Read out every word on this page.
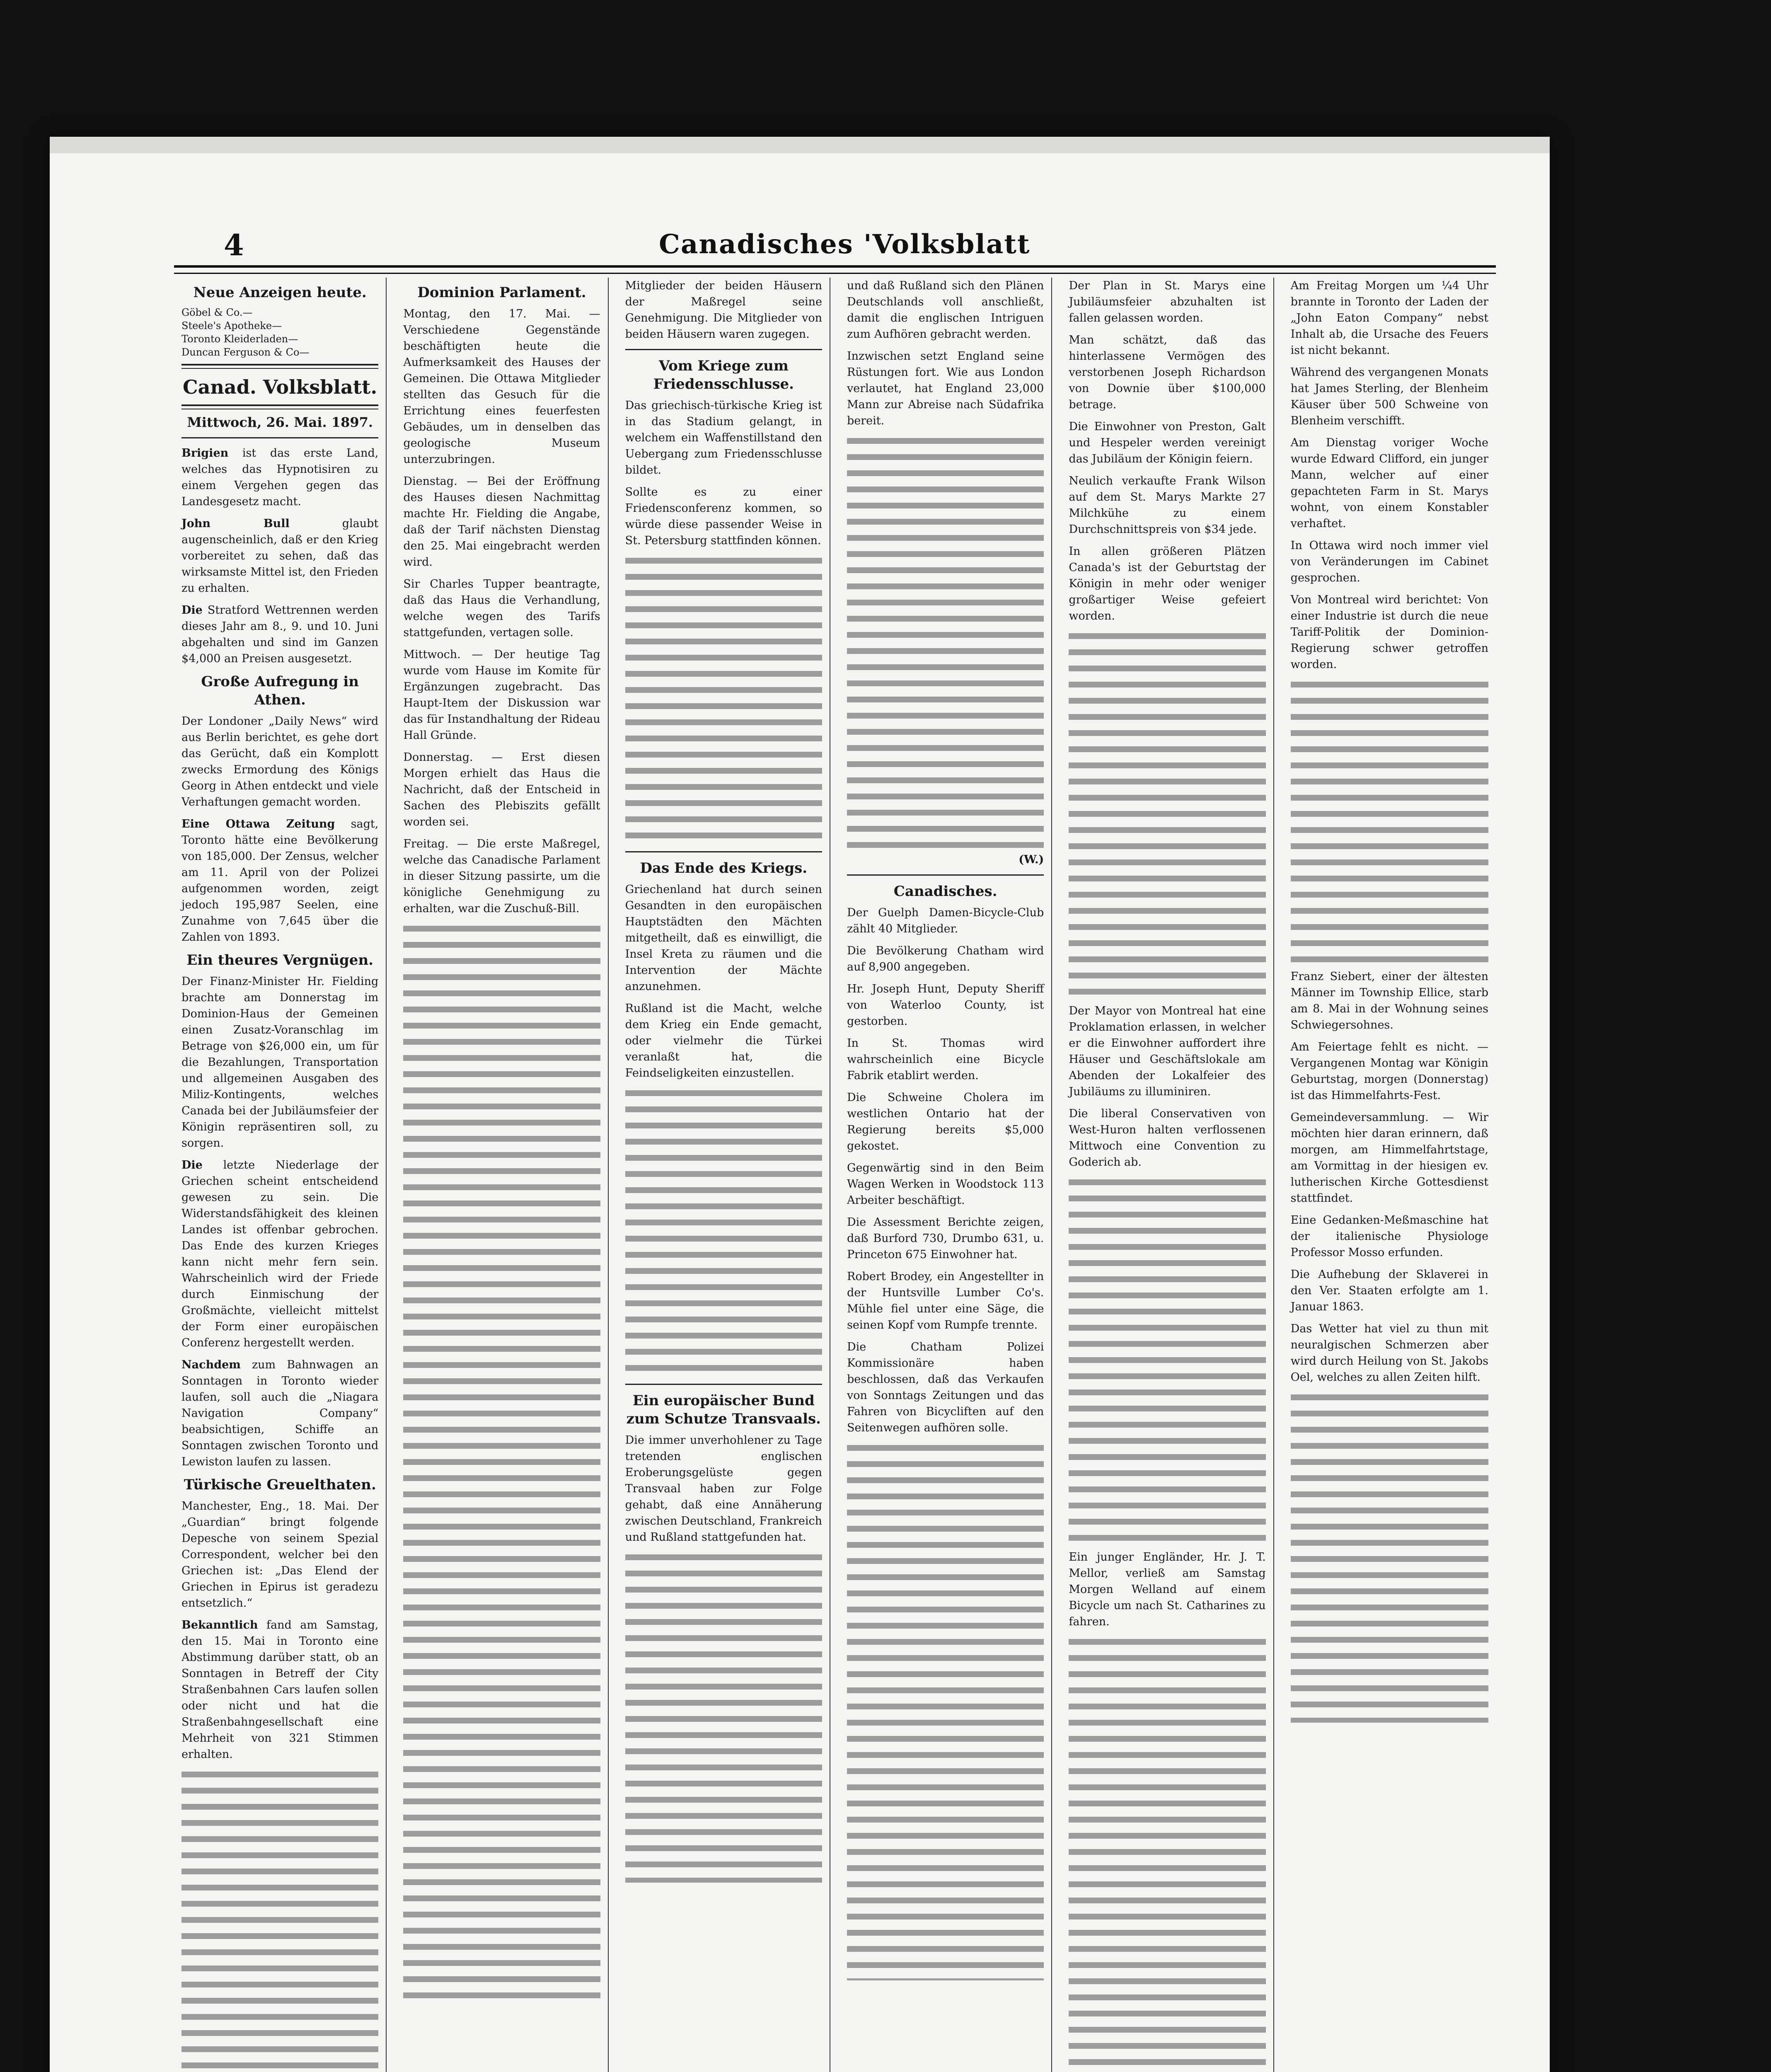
4	Canadisches 'Volksblatt
Neue Anzeigen heute.
Göbel & Co.—
Steele's Apotheke—
Toronto Kleiderladen—
Duncan Ferguson & Co—
Canad. Volksblatt.
Mittwoch, 26. Mai. 1897.

Brigien ist das erste Land, welches das Hypnotisiren zu einem Vergehen gegen das Landesgesetz macht.

John Bull	glaubt augenscheinlich, daß er den Krieg vorbereitet zu sehen, daß das wirksamste Mittel ist, den Frieden zu erhalten.

Die Stratford Wettrennen werden dieses Jahr am 8., 9. und 10. Juni abgehalten und sind im Ganzen $4,000 an Preisen ausgesetzt.

Große Aufregung in Athen.

Der Londoner „Daily News“ wird aus Berlin berichtet, es gehe dort das Gerücht, daß ein Komplott zwecks Ermordung des Königs Georg in Athen entdeckt und viele Verhaftungen gemacht worden.

Eine Ottawa Zeitung sagt, Toronto hätte eine Bevölkerung von 185,000. Der Zensus, welcher am 11. April von der Polizei aufgenommen worden, zeigt jedoch 195,987 Seelen, eine Zunahme von 7,645 über die Zahlen von 1893.

Ein theures Vergnügen.

Der Finanz-Minister Hr. Fielding brachte am Donnerstag im Dominion-Haus der Gemeinen einen Zusatz-Voranschlag im Betrage von $26,000 ein, um für die Bezahlungen, Transportation und allgemeinen Ausgaben des Miliz-Kontingents, welches Canada bei der Jubiläumsfeier der Königin repräsentiren soll, zu sorgen.

Die letzte Niederlage der Griechen scheint entscheidend gewesen zu sein. Die Widerstandsfähigkeit des kleinen Landes ist offenbar gebrochen. Das Ende des kurzen Krieges kann nicht mehr fern sein. Wahrscheinlich wird der Friede durch Einmischung der Großmächte, vielleicht mittelst der Form einer europäischen Conferenz hergestellt werden.

Nachdem zum Bahnwagen an Sonntagen in Toronto wieder laufen, soll auch die „Niagara Navigation Company“ beabsichtigen, Schiffe an Sonntagen zwischen Toronto und Lewiston laufen zu lassen.

Türkische Greuelthaten.

Manchester, Eng., 18. Mai. Der „Guardian“ bringt folgende Depesche von seinem Spezial Correspondent, welcher bei den Griechen ist: „Das Elend der Griechen in Epirus ist geradezu entsetzlich.“

Bekanntlich fand am Samstag, den 15. Mai in Toronto eine Abstimmung darüber statt, ob an Sonntagen in Betreff der City Straßenbahnen Cars laufen sollen oder nicht und hat die Straßenbahngesellschaft eine Mehrheit von 321 Stimmen erhalten.

Dominion Parlament.

Montag, den 17. Mai. — Verschiedene Gegenstände beschäftigten heute die Aufmerksamkeit des Hauses der Gemeinen. Die Ottawa Mitglieder stellten das Gesuch für die Errichtung eines feuerfesten Gebäudes, um in denselben das geologische Museum unterzubringen.

Dienstag. — Bei der Eröffnung des Hauses diesen Nachmittag machte Hr. Fielding die Angabe, daß der Tarif nächsten Dienstag den 25. Mai eingebracht werden wird.

Sir Charles Tupper beantragte, daß das Haus die Verhandlung, welche wegen des Tarifs stattgefunden, vertagen solle.

Mittwoch. — Der heutige Tag wurde vom Hause im Komite für Ergänzungen zugebracht. Das Haupt-Item der Diskussion war das für Instandhaltung der Rideau Hall Gründe.

Donnerstag. — Erst diesen Morgen erhielt das Haus die Nachricht, daß der Entscheid in Sachen des Plebiszits gefällt worden sei.

Freitag. — Die erste Maßregel, welche das Canadische Parlament in dieser Sitzung passirte, um die königliche Genehmigung zu erhalten, war die Zuschuß-Bill.

Mitglieder der beiden Häusern der Maßregel seine Genehmigung. Die Mitglieder von beiden Häusern waren zugegen.

Vom Kriege zum Friedensschlusse.

Das griechisch-türkische Krieg ist in das Stadium gelangt, in welchem ein Waffenstillstand den Uebergang zum Friedensschlusse bildet.

Sollte es zu einer Friedensconferenz kommen, so würde diese passender Weise in St. Petersburg stattfinden können.

Das Ende des Kriegs.

Griechenland hat durch seinen Gesandten in den europäischen Hauptstädten den Mächten mitgetheilt, daß es einwilligt, die Insel Kreta zu räumen und die Intervention der Mächte anzunehmen.

Rußland ist die Macht, welche dem Krieg ein Ende gemacht, oder vielmehr die Türkei veranlaßt hat, die Feindseligkeiten einzustellen.

Ein europäischer Bund zum Schutze Transvaals.

Die immer unverhohlener zu Tage tretenden englischen Eroberungsgelüste gegen Transvaal haben zur Folge gehabt, daß eine Annäherung zwischen Deutschland, Frankreich und Rußland stattgefunden hat.

und daß Rußland sich den Plänen Deutschlands voll anschließt, damit die englischen Intriguen zum Aufhören gebracht werden.

Inzwischen setzt England seine Rüstungen fort. Wie aus London verlautet, hat England 23,000 Mann zur Abreise nach Südafrika bereit.

(W.)
Canadisches.

Der Guelph Damen-Bicycle-Club zählt 40 Mitglieder.

Die Bevölkerung Chatham wird auf 8,900 angegeben.

Hr. Joseph Hunt, Deputy Sheriff von Waterloo County, ist gestorben.

In St. Thomas wird wahrscheinlich eine Bicycle Fabrik etablirt werden.

Die Schweine Cholera im westlichen Ontario hat der Regierung bereits $5,000 gekostet.

Gegenwärtig sind in den Beim Wagen Werken in Woodstock 113 Arbeiter beschäftigt.

Die Assessment Berichte zeigen, daß Burford 730, Drumbo 631, u. Princeton 675 Einwohner hat.

Robert Brodey, ein Angestellter in der Huntsville Lumber Co's. Mühle fiel unter eine Säge, die seinen Kopf vom Rumpfe trennte.

Die Chatham Polizei Kommissionäre haben beschlossen, daß das Verkaufen von Sonntags Zeitungen und das Fahren von Bicycliften auf den Seitenwegen aufhören solle.

Der Plan in St. Marys eine Jubiläumsfeier abzuhalten ist fallen gelassen worden.

Man schätzt, daß das hinterlassene Vermögen des verstorbenen Joseph Richardson von Downie über $100,000 betrage.

Die Einwohner von Preston, Galt und Hespeler werden vereinigt das Jubiläum der Königin feiern.

Neulich verkaufte Frank Wilson auf dem St. Marys Markte 27 Milchkühe zu einem Durchschnittspreis von $34 jede.

In allen größeren Plätzen Canada's ist der Geburtstag der Königin in mehr oder weniger großartiger Weise gefeiert worden.

Der Mayor von Montreal hat eine Proklamation erlassen, in welcher er die Einwohner auffordert ihre Häuser und Geschäftslokale am Abenden der Lokalfeier des Jubiläums zu illuminiren.

Die liberal Conservativen von West-Huron halten verflossenen Mittwoch eine Convention zu Goderich ab.

Ein junger Engländer, Hr. J. T. Mellor, verließ am Samstag Morgen Welland auf einem Bicycle um nach St. Catharines zu fahren.

Am Freitag Morgen um ¼4 Uhr brannte in Toronto der Laden der „John Eaton Company“ nebst Inhalt ab, die Ursache des Feuers ist nicht bekannt.

Während des vergangenen Monats hat James Sterling, der Blenheim Käuser über 500 Schweine von Blenheim verschifft.

Am Dienstag voriger Woche wurde Edward Clifford, ein junger Mann, welcher auf einer gepachteten Farm in St. Marys wohnt, von einem Konstabler verhaftet.

In Ottawa wird noch immer viel von Veränderungen im Cabinet gesprochen.

Von Montreal wird berichtet: Von einer Industrie ist durch die neue Tariff-Politik der Dominion-Regierung schwer getroffen worden.

Franz Siebert, einer der ältesten Männer im Township Ellice, starb am 8. Mai in der Wohnung seines Schwiegersohnes.

Am Feiertage fehlt es nicht. — Vergangenen Montag war Königin Geburtstag, morgen (Donnerstag) ist das Himmelfahrts-Fest.

Gemeindeversammlung. — Wir möchten hier daran erinnern, daß morgen, am Himmelfahrtstage, am Vormittag in der hiesigen ev. lutherischen Kirche Gottesdienst stattfindet.

Eine Gedanken-Meßmaschine hat der italienische Physiologe Professor Mosso erfunden.

Die Aufhebung der Sklaverei in den Ver. Staaten erfolgte am 1. Januar 1863.

Das Wetter hat viel zu thun mit neuralgischen Schmerzen aber wird durch Heilung von St. Jakobs Oel, welches zu allen Zeiten hilft.
